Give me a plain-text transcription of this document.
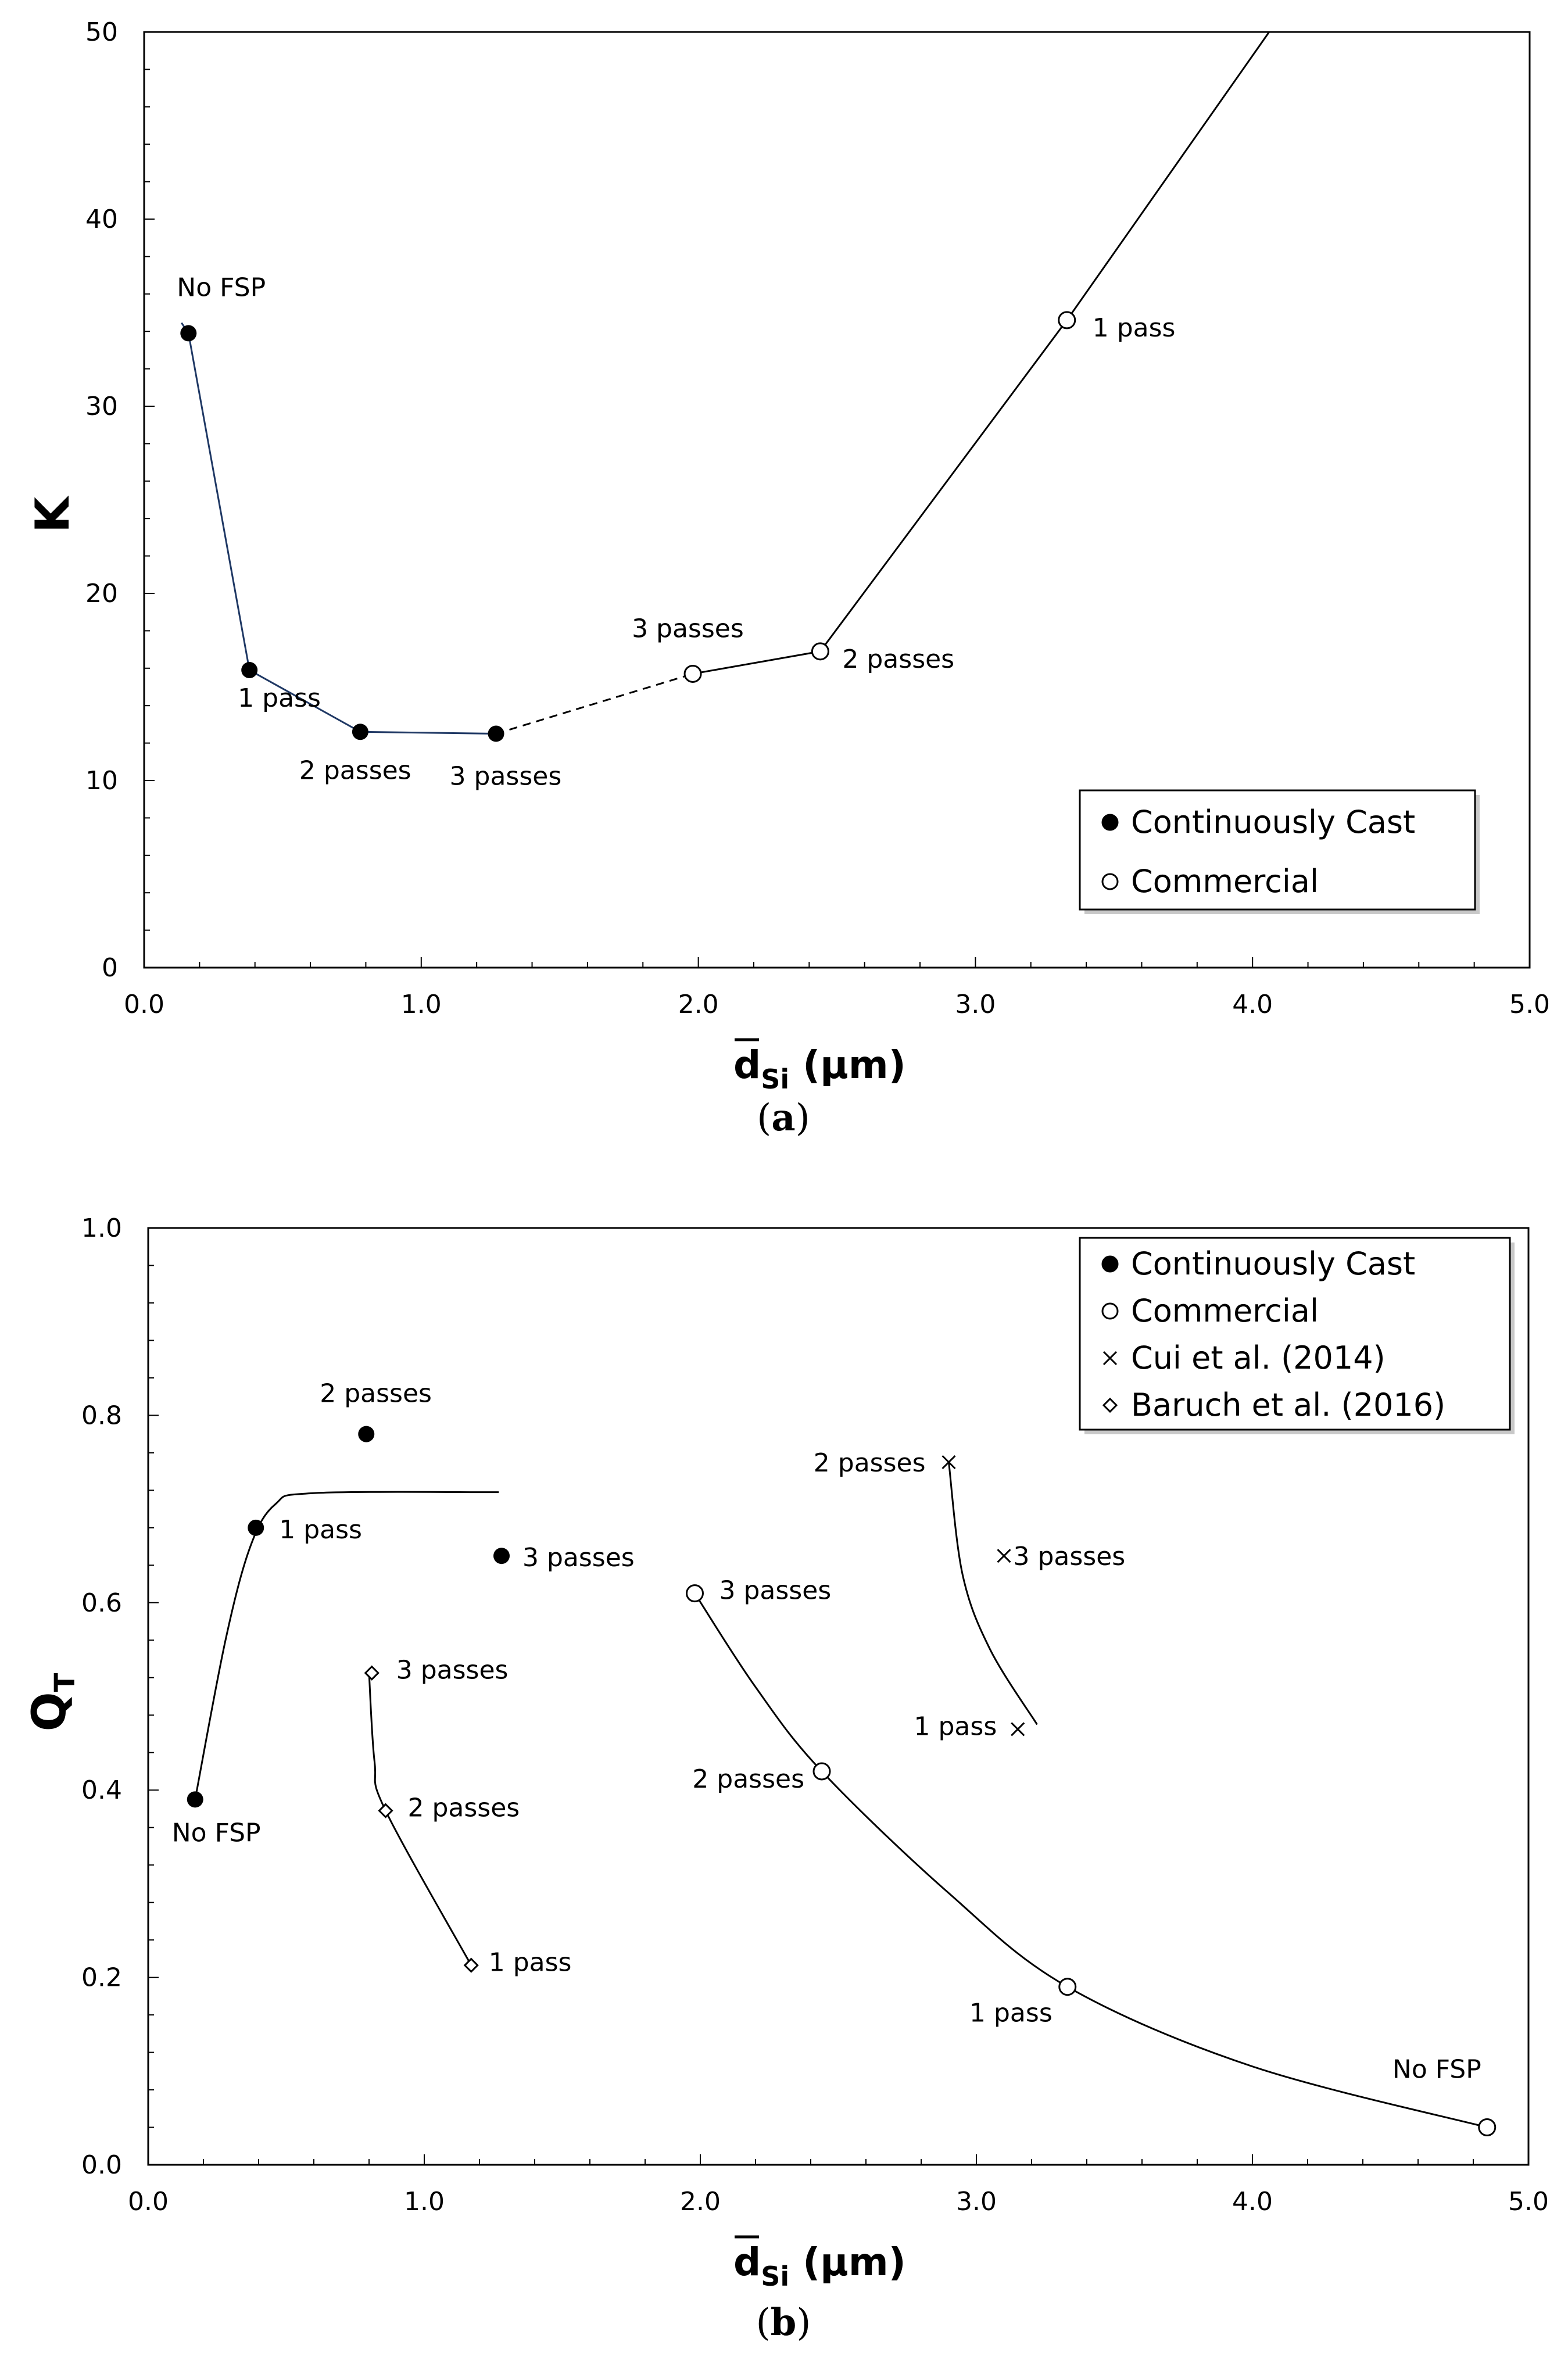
0.0	1.0	2.0	3.0	4.0	5.0
0
10
20
30
40
50
$d_{Si}$ (µm)
(a)
K
No FSP
1 pass
2 passes 3 passes
3 passes
2 passes
1 pass
Continuously Cast
Commercial
0.0	1.0	2.0	3.0	4.0	5.0
0.0
0.2
0.4
0.6
0.8
1.0
$d_{Si}$ (µm)
(b)
$Q_T$
No FSP
1 pass
2 passes
3 passes
3 passes
2 passes
1 pass
No FSP
2 passes
3 passes
1 pass
3 passes
2 passes
1 pass
Continuously Cast
Commercial
Cui et al. (2014)
Baruch et al. (2016)
